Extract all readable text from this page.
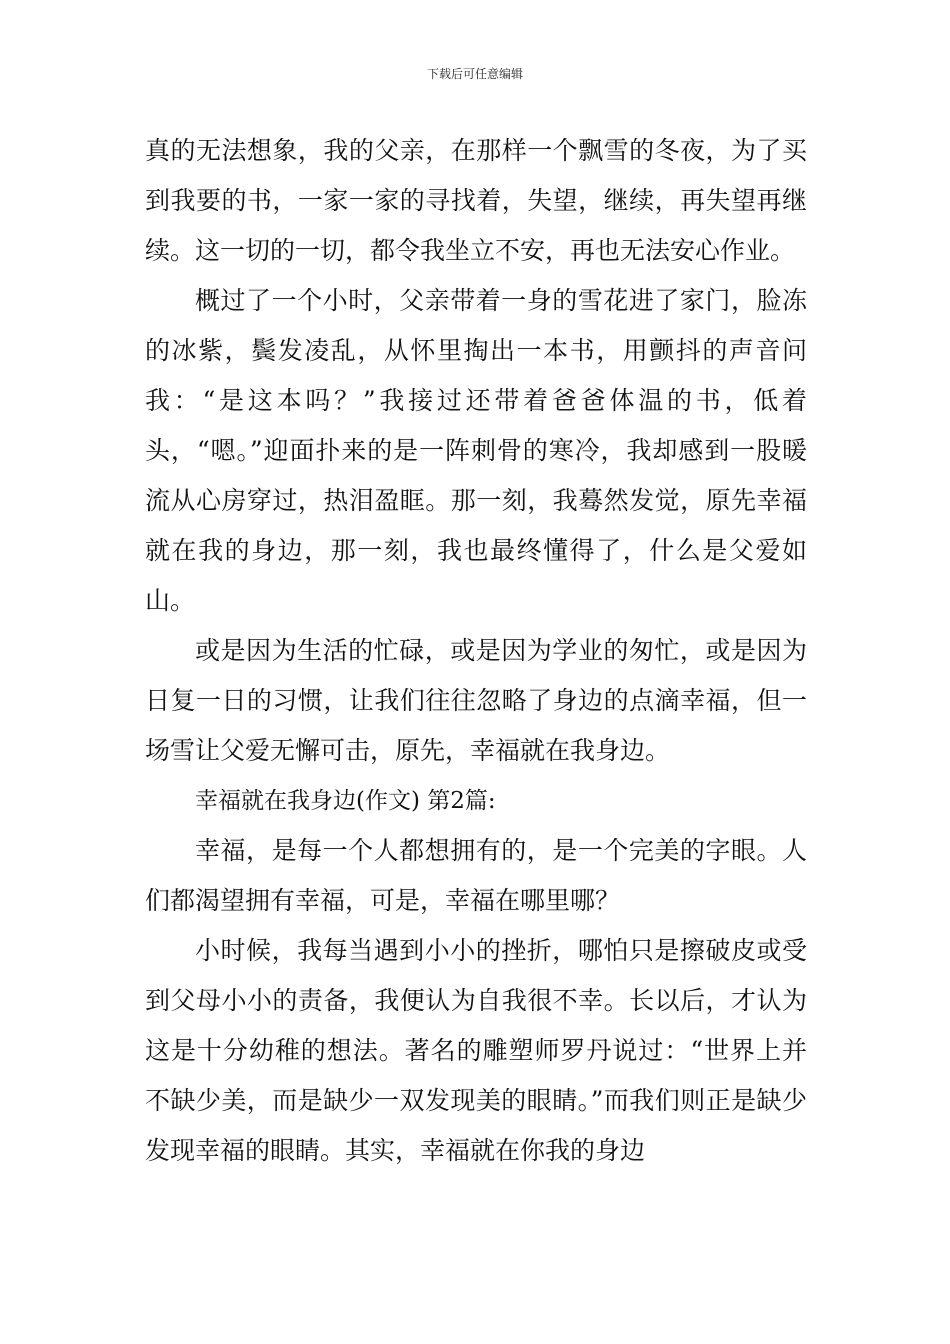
下载后可任意编辑

真的无法想象，我的父亲，在那样一个飘雪的冬夜，为了买到我要的书，一家一家的寻找着，失望，继续，再失望再继续。这一切的一切，都令我坐立不安，再也无法安心作业。

概过了一个小时，父亲带着一身的雪花进了家门，脸冻的冰紫，鬓发凌乱，从怀里掏出一本书，用颤抖的声音问我：“是这本吗？”我接过还带着爸爸体温的书，低着头，“嗯。”迎面扑来的是一阵刺骨的寒冷，我却感到一股暖流从心房穿过，热泪盈眶。那一刻，我蓦然发觉，原先幸福就在我的身边，那一刻，我也最终懂得了，什么是父爱如山。

或是因为生活的忙碌，或是因为学业的匆忙，或是因为日复一日的习惯，让我们往往忽略了身边的点滴幸福，但一场雪让父爱无懈可击，原先，幸福就在我身边。

幸福就在我身边(作文) 第2篇:

幸福，是每一个人都想拥有的，是一个完美的字眼。人们都渴望拥有幸福，可是，幸福在哪里哪？

小时候，我每当遇到小小的挫折，哪怕只是擦破皮或受到父母小小的责备，我便认为自我很不幸。长以后，才认为这是十分幼稚的想法。著名的雕塑师罗丹说过：“世界上并不缺少美，而是缺少一双发现美的眼睛。”而我们则正是缺少发现幸福的眼睛。其实，幸福就在你我的身边
